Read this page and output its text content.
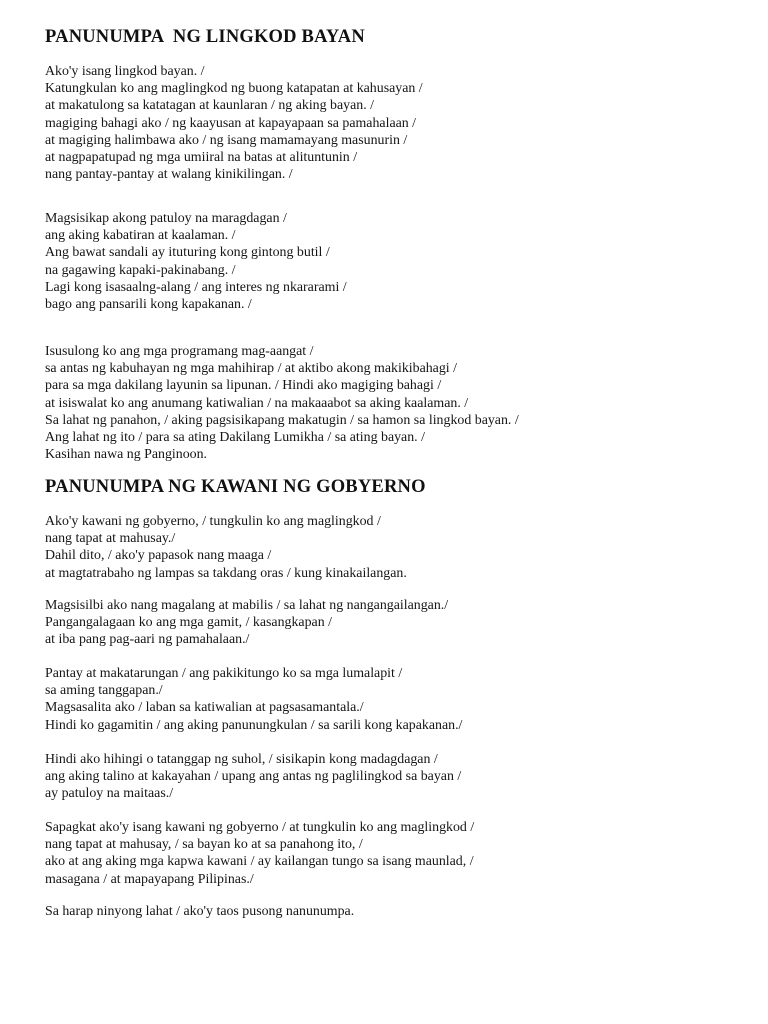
PANUNUMPA  NG LINGKOD BAYAN
Ako'y isang lingkod bayan. /
Katungkulan ko ang maglingkod ng buong katapatan at kahusayan /
at makatulong sa katatagan at kaunlaran / ng aking bayan. /
magiging bahagi ako / ng kaayusan at kapayapaan sa pamahalaan /
at magiging halimbawa ako / ng isang mamamayang masunurin /
at nagpapatupad ng mga umiiral na batas at alituntunin /
nang pantay-pantay at walang kinikilingan. /
Magsisikap akong patuloy na maragdagan /
ang aking kabatiran at kaalaman. /
Ang bawat sandali ay ituturing kong gintong butil /
na gagawing kapaki-pakinabang. /
Lagi kong isasaalng-alang / ang interes ng nkararami /
bago ang pansarili kong kapakanan. /
Isusulong ko ang mga programang mag-aangat /
sa antas ng kabuhayan ng mga mahihirap / at aktibo akong makikibahagi /
para sa mga dakilang layunin sa lipunan. / Hindi ako magiging bahagi /
at isiswalat ko ang anumang katiwalian / na makaaabot sa aking kaalaman. /
Sa lahat ng panahon, / aking pagsisikapang makatugin / sa hamon sa lingkod bayan. /
Ang lahat ng ito / para sa ating Dakilang Lumikha / sa ating bayan. /
Kasihan nawa ng Panginoon.
PANUNUMPA NG KAWANI NG GOBYERNO
Ako'y kawani ng gobyerno, / tungkulin ko ang maglingkod /
nang tapat at mahusay./
Dahil dito, / ako'y papasok nang maaga /
at magtatrabaho ng lampas sa takdang oras / kung kinakailangan.
Magsisilbi ako nang magalang at mabilis / sa lahat ng nangangailangan./
Pangangalagaan ko ang mga gamit, / kasangkapan /
at iba pang pag-aari ng pamahalaan./
Pantay at makatarungan / ang pakikitungo ko sa mga lumalapit /
sa aming tanggapan./
Magsasalita ako / laban sa katiwalian at pagsasamantala./
Hindi ko gagamitin / ang aking panunungkulan / sa sarili kong kapakanan./
Hindi ako hihingi o tatanggap ng suhol, / sisikapin kong madagdagan /
ang aking talino at kakayahan / upang ang antas ng paglilingkod sa bayan /
ay patuloy na maitaas./
Sapagkat ako'y isang kawani ng gobyerno / at tungkulin ko ang maglingkod /
nang tapat at mahusay, / sa bayan ko at sa panahong ito, /
ako at ang aking mga kapwa kawani / ay kailangan tungo sa isang maunlad, /
masagana / at mapayapang Pilipinas./
Sa harap ninyong lahat / ako'y taos pusong nanunumpa.
